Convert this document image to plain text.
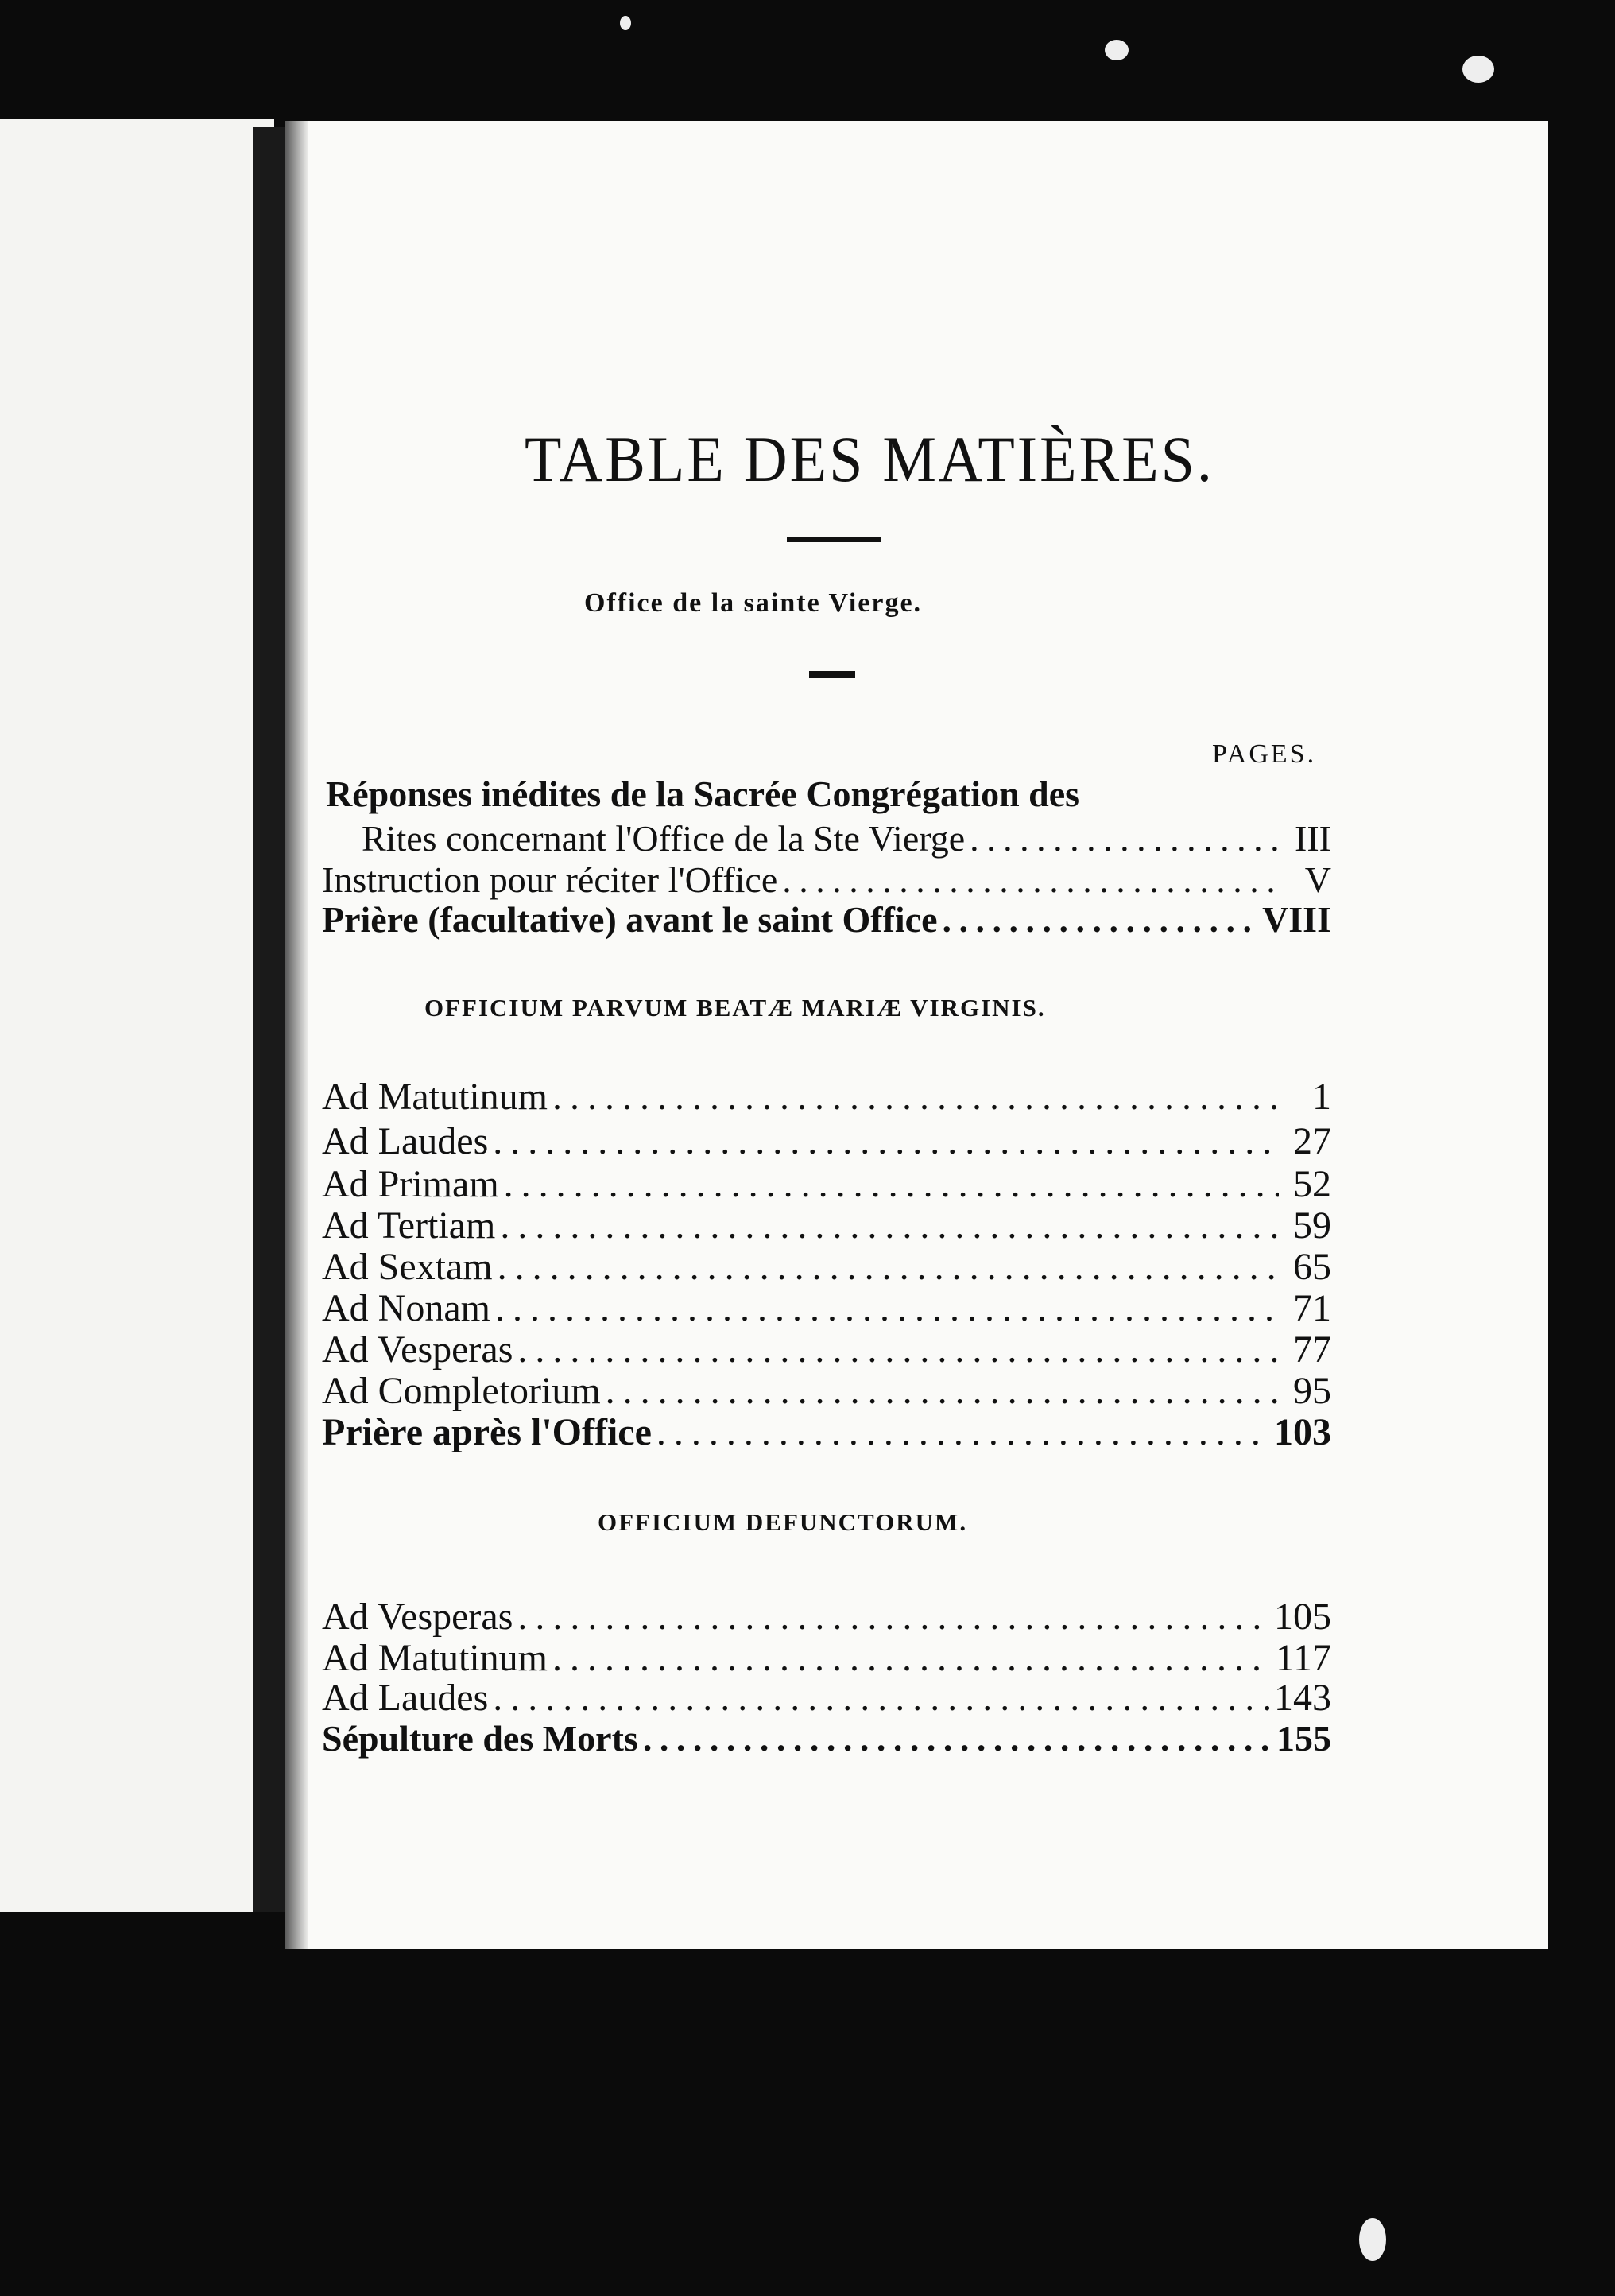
TABLE DES MATIÈRES.
Office de la sainte Vierge.
PAGES.
Réponses inédites de la Sacrée Congrégation des
Rites concernant l'Office de la Ste Vierge . . .	III
Instruction pour réciter l'Office . . .	V
Prière (facultative) avant le saint Office . . .	VIII
OFFICIUM PARVUM BEATÆ MARIÆ VIRGINIS.
Ad Matutinum . . .	1
Ad Laudes . . .	27
Ad Primam . . .	52
Ad Tertiam . . .	59
Ad Sextam . . .	65
Ad Nonam . . .	71
Ad Vesperas . . .	77
Ad Completorium . . .	95
Prière après l'Office . . .	103
OFFICIUM DEFUNCTORUM.
Ad Vesperas . . .	105
Ad Matutinum . . .	117
Ad Laudes . . .	143
Sépulture des Morts . . .	155
